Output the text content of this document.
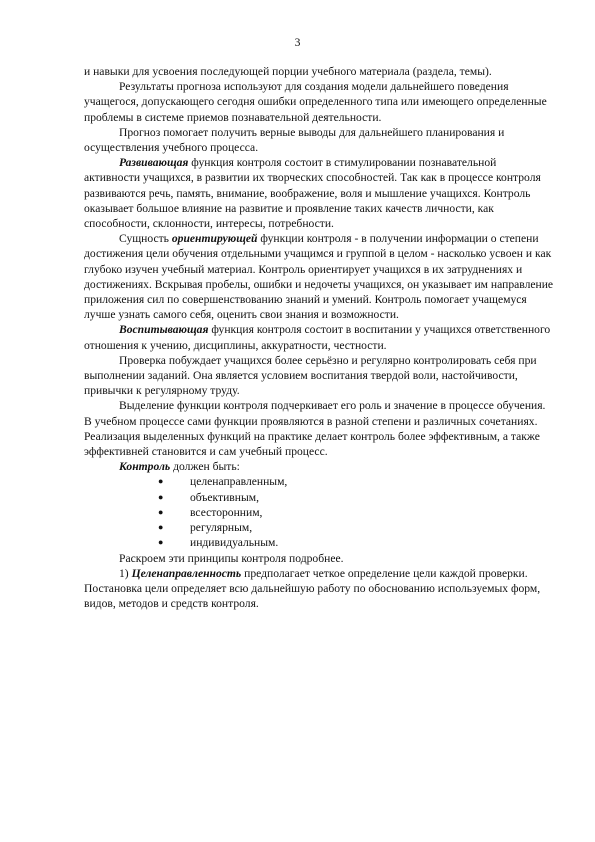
3

и навыки для усвоения последующей порции учебного материала (раздела, темы).

Результаты прогноза используют для создания модели дальнейшего поведения учащегося, допускающего сегодня ошибки определенного типа или имеющего определенные проблемы в системе приемов познавательной деятельности.

Прогноз помогает получить верные выводы для дальнейшего планирования и осуществления учебного процесса.

Развивающая функция контроля состоит в стимулировании познавательной активности учащихся, в развитии их творческих способностей. Так как в процессе контроля развиваются речь, память, внимание, воображение, воля и мышление учащихся. Контроль оказывает большое влияние на развитие и проявление таких качеств личности, как способности, склонности, интересы, потребности.

Сущность ориентирующей функции контроля - в получении информации о степени достижения цели обучения отдельными учащимся и группой в целом - насколько усвоен и как глубоко изучен учебный материал. Контроль ориентирует учащихся в их затруднениях и достижениях. Вскрывая пробелы, ошибки и недочеты учащихся, он указывает им направление приложения сил по совершенствованию знаний и умений. Контроль помогает учащемуся лучше узнать самого себя, оценить свои знания и возможности.

Воспитывающая функция контроля состоит в воспитании у учащихся ответственного отношения к учению, дисциплины, аккуратности, честности.

Проверка побуждает учащихся более серьёзно и регулярно контролировать себя при выполнении заданий. Она является условием воспитания твердой воли, настойчивости, привычки к регулярному труду.

Выделение функции контроля подчеркивает его роль и значение в процессе обучения. В учебном процессе сами функции проявляются в разной степени и различных сочетаниях. Реализация выделенных функций на практике делает контроль более эффективным, а также эффективней становится и сам учебный процесс.

Контроль должен быть:

● целенаправленным,
● объективным,
● всесторонним,
● регулярным,
● индивидуальным.

Раскроем эти принципы контроля подробнее.

1) Целенаправленность предполагает четкое определение цели каждой проверки. Постановка цели определяет всю дальнейшую работу по обоснованию используемых форм, видов, методов и средств контроля.
